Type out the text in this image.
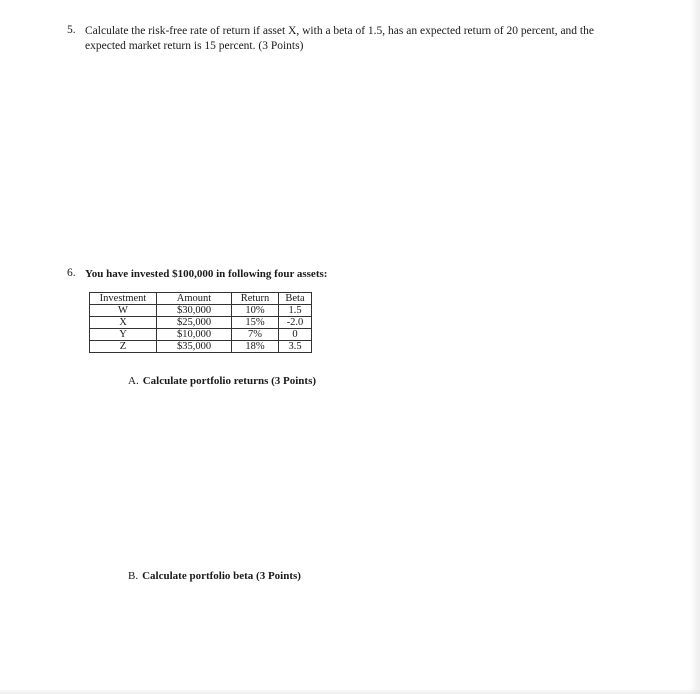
5. Calculate the risk-free rate of return if asset X, with a beta of 1.5, has an expected return of 20 percent, and the
expected market return is 15 percent. (3 Points)
6. You have invested $100,000 in following four assets:
Investment	Amount	Return	Beta
W	$30,000	10%	1.5
X	$25,000	15%	-2.0
Y	$10,000	7%	0
Z	$35,000	18%	3.5
A. Calculate portfolio returns (3 Points)
B. Calculate portfolio beta (3 Points)
